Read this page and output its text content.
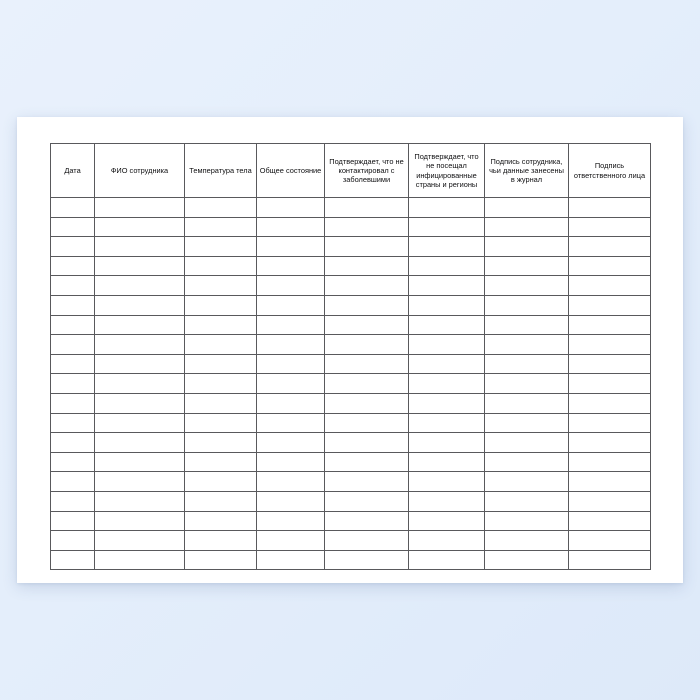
Дата	ФИО сотрудника	Температура тела	Общее состояние	Подтверждает, что не контактировал с заболевшими	Подтверждает, что не посещал инфицированные страны и регионы	Подпись сотрудника, чьи данные занесены в журнал	Подпись ответственного лица
